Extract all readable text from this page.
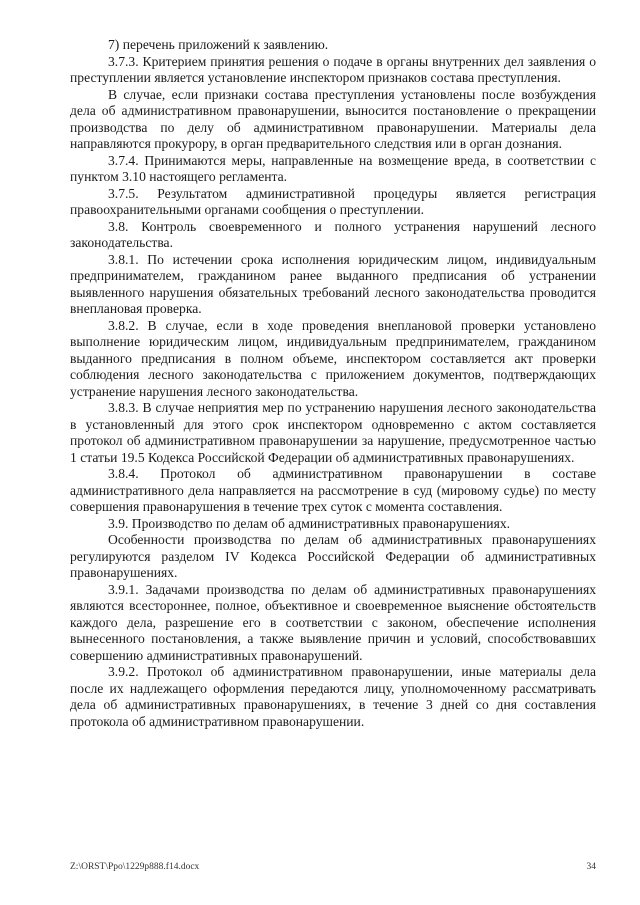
7) перечень приложений к заявлению.

3.7.3. Критерием принятия решения о подаче в органы внутренних дел заявления о преступлении является установление инспектором признаков состава преступления.

В случае, если признаки состава преступления установлены после возбуждения дела об административном правонарушении, выносится постановление о прекращении производства по делу об административном правонарушении. Материалы дела направляются прокурору, в орган предварительного следствия или в орган дознания.

3.7.4. Принимаются меры, направленные на возмещение вреда, в соответствии с пунктом 3.10 настоящего регламента.

3.7.5. Результатом административной процедуры является регистрация правоохранительными органами сообщения о преступлении.

3.8. Контроль своевременного и полного устранения нарушений лесного законодательства.

3.8.1. По истечении срока исполнения юридическим лицом, индивидуальным предпринимателем, гражданином ранее выданного предписания об устранении выявленного нарушения обязательных требований лесного законодательства проводится внеплановая проверка.

3.8.2. В случае, если в ходе проведения внеплановой проверки установлено выполнение юридическим лицом, индивидуальным предпринимателем, гражданином выданного предписания в полном объеме, инспектором составляется акт проверки соблюдения лесного законодательства с приложением документов, подтверждающих устранение нарушения лесного законодательства.

3.8.3. В случае неприятия мер по устранению нарушения лесного законодательства в установленный для этого срок инспектором одновременно с актом составляется протокол об административном правонарушении за нарушение, предусмотренное частью 1 статьи 19.5 Кодекса Российской Федерации об административных правонарушениях.

3.8.4. Протокол об административном правонарушении в составе административного дела направляется на рассмотрение в суд (мировому судье) по месту совершения правонарушения в течение трех суток с момента составления.

3.9. Производство по делам об административных правонарушениях.

Особенности производства по делам об административных правонарушениях регулируются разделом IV Кодекса Российской Федерации об административных правонарушениях.

3.9.1. Задачами производства по делам об административных правонарушениях являются всестороннее, полное, объективное и своевременное выяснение обстоятельств каждого дела, разрешение его в соответствии с законом, обеспечение исполнения вынесенного постановления, а также выявление причин и условий, способствовавших совершению административных правонарушений.

3.9.2. Протокол об административном правонарушении, иные материалы дела после их надлежащего оформления передаются лицу, уполномоченному рассматривать дела об административных правонарушениях, в течение 3 дней со дня составления протокола об административном правонарушении.

Z:\ORST\Ppo\1229p888.f14.docx	34
